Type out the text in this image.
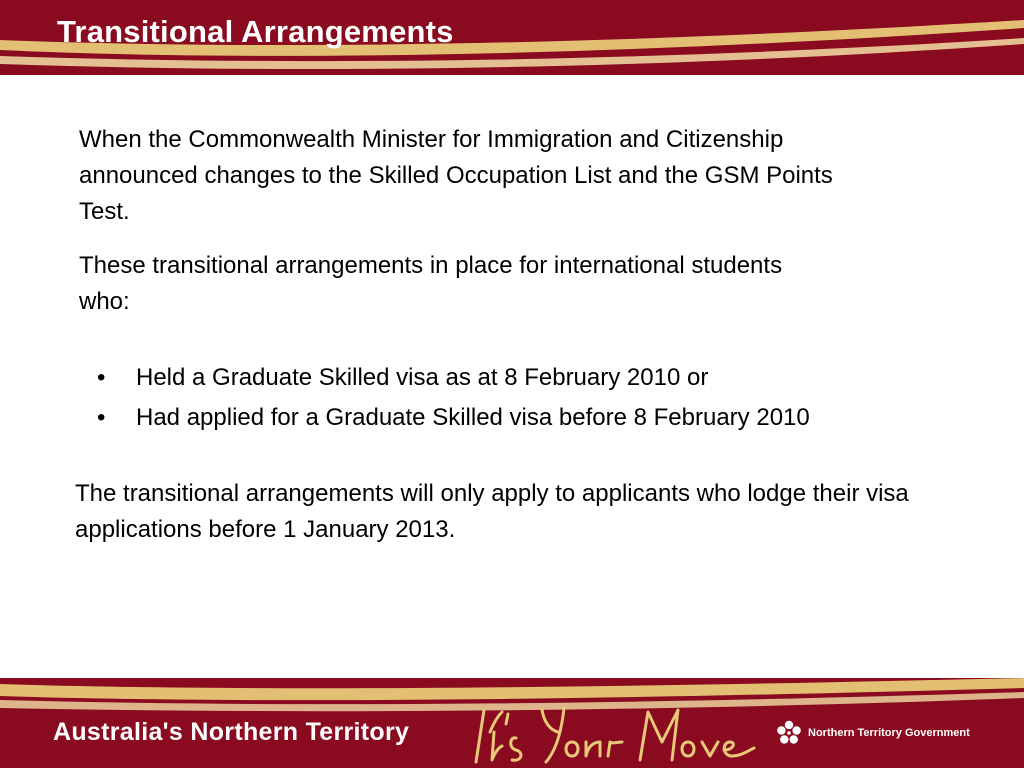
Transitional Arrangements

When the Commonwealth Minister for Immigration and Citizenship announced changes to the Skilled Occupation List and the GSM Points Test.

These transitional arrangements in place for international students who:

• Held a Graduate Skilled visa as at 8 February 2010 or
• Had applied for a Graduate Skilled visa before 8 February 2010

The transitional arrangements will only apply to applicants who lodge their visa applications before 1 January 2013.

Australia's Northern Territory	Northern Territory Government
